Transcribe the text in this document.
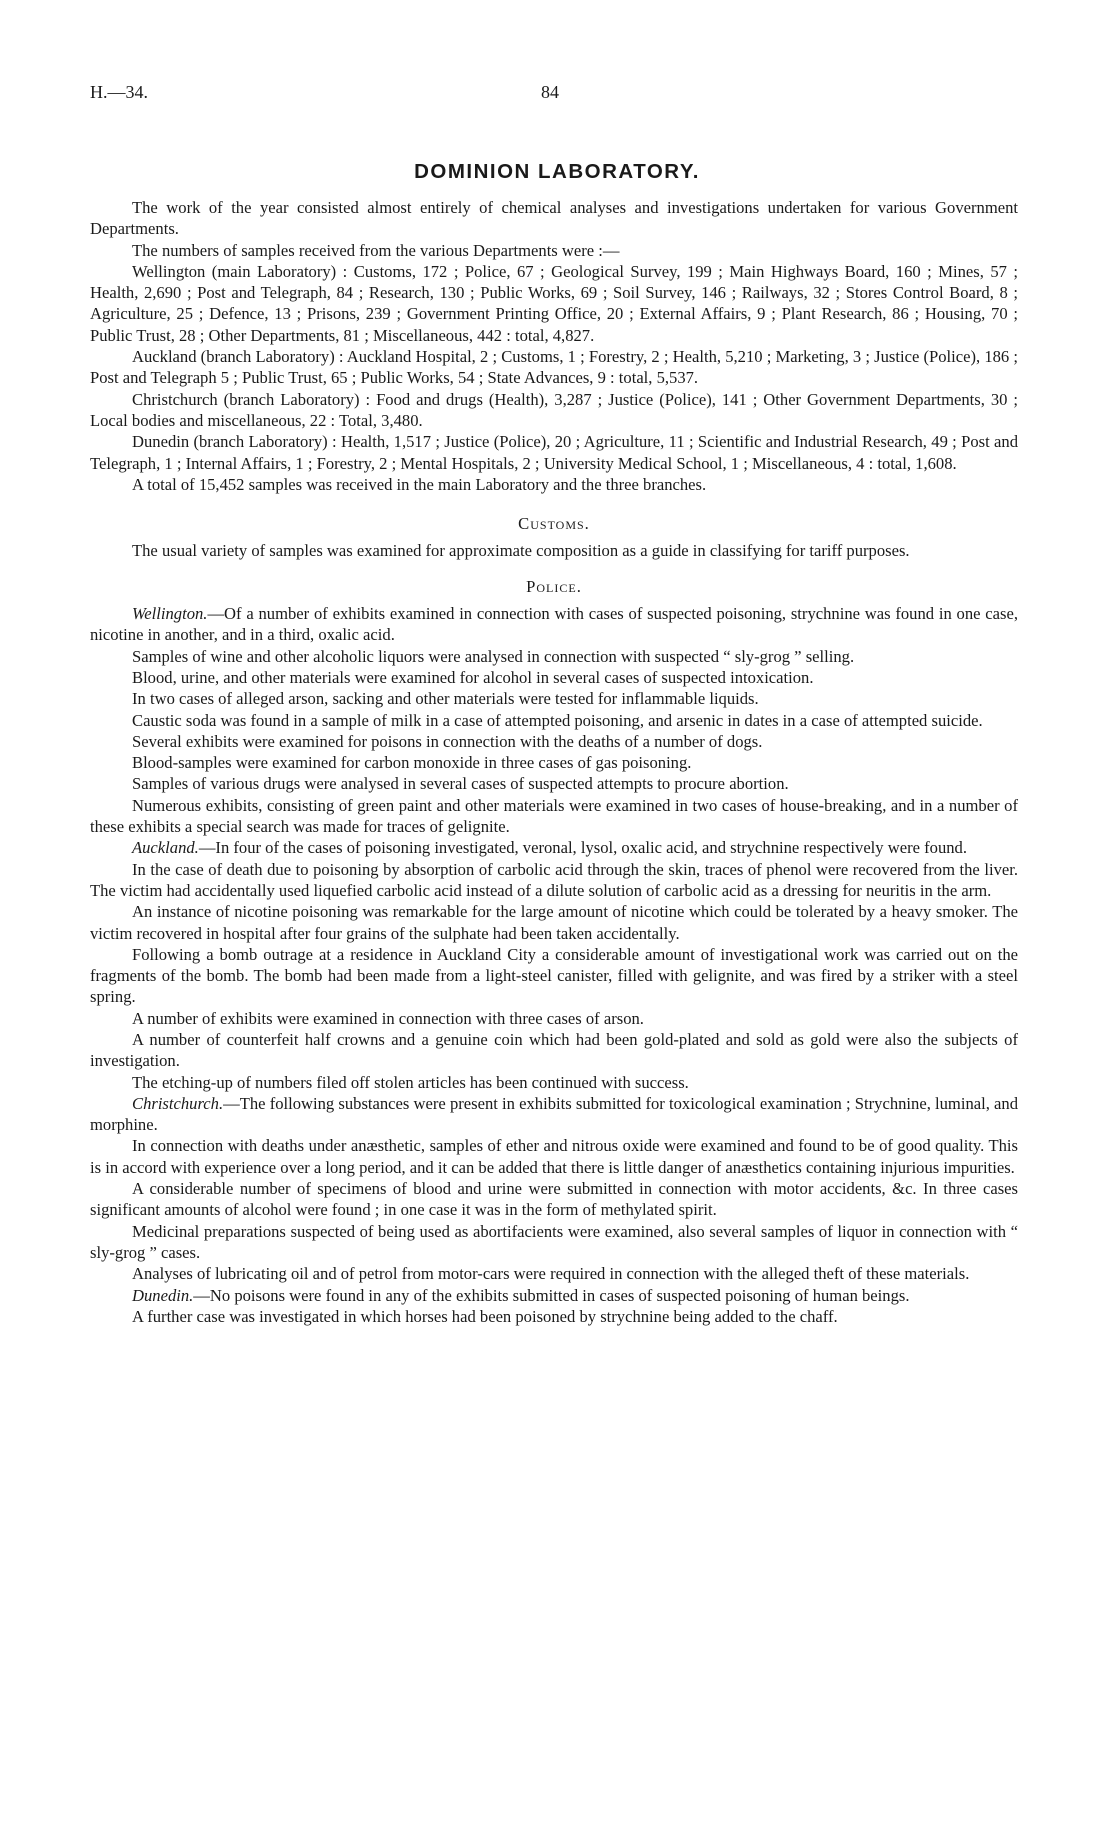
H.—34.	84
DOMINION LABORATORY.

The work of the year consisted almost entirely of chemical analyses and investigations undertaken for various Government Departments.

The numbers of samples received from the various Departments were :—

Wellington (main Laboratory) : Customs, 172 ; Police, 67 ; Geological Survey, 199 ; Main Highways Board, 160 ; Mines, 57 ; Health, 2,690 ; Post and Telegraph, 84 ; Research, 130 ; Public Works, 69 ; Soil Survey, 146 ; Railways, 32 ; Stores Control Board, 8 ; Agriculture, 25 ; Defence, 13 ; Prisons, 239 ; Government Printing Office, 20 ; External Affairs, 9 ; Plant Research, 86 ; Housing, 70 ; Public Trust, 28 ; Other Departments, 81 ; Miscellaneous, 442 : total, 4,827.

Auckland (branch Laboratory) : Auckland Hospital, 2 ; Customs, 1 ; Forestry, 2 ; Health, 5,210 ; Marketing, 3 ; Justice (Police), 186 ; Post and Telegraph 5 ; Public Trust, 65 ; Public Works, 54 ; State Advances, 9 : total, 5,537.

Christchurch (branch Laboratory) : Food and drugs (Health), 3,287 ; Justice (Police), 141 ; Other Government Departments, 30 ; Local bodies and miscellaneous, 22 : Total, 3,480.

Dunedin (branch Laboratory) : Health, 1,517 ; Justice (Police), 20 ; Agriculture, 11 ; Scientific and Industrial Research, 49 ; Post and Telegraph, 1 ; Internal Affairs, 1 ; Forestry, 2 ; Mental Hospitals, 2 ; University Medical School, 1 ; Miscellaneous, 4 : total, 1,608.

A total of 15,452 samples was received in the main Laboratory and the three branches.

Customs.

The usual variety of samples was examined for approximate composition as a guide in classifying for tariff purposes.

Police.

Wellington.—Of a number of exhibits examined in connection with cases of suspected poisoning, strychnine was found in one case, nicotine in another, and in a third, oxalic acid.

Samples of wine and other alcoholic liquors were analysed in connection with suspected “ sly-grog ” selling.

Blood, urine, and other materials were examined for alcohol in several cases of suspected intoxication.

In two cases of alleged arson, sacking and other materials were tested for inflammable liquids.

Caustic soda was found in a sample of milk in a case of attempted poisoning, and arsenic in dates in a case of attempted suicide.

Several exhibits were examined for poisons in connection with the deaths of a number of dogs.

Blood-samples were examined for carbon monoxide in three cases of gas poisoning.

Samples of various drugs were analysed in several cases of suspected attempts to procure abortion.

Numerous exhibits, consisting of green paint and other materials were examined in two cases of house-breaking, and in a number of these exhibits a special search was made for traces of gelignite.

Auckland.—In four of the cases of poisoning investigated, veronal, lysol, oxalic acid, and strychnine respectively were found.

In the case of death due to poisoning by absorption of carbolic acid through the skin, traces of phenol were recovered from the liver. The victim had accidentally used liquefied carbolic acid instead of a dilute solution of carbolic acid as a dressing for neuritis in the arm.

An instance of nicotine poisoning was remarkable for the large amount of nicotine which could be tolerated by a heavy smoker. The victim recovered in hospital after four grains of the sulphate had been taken accidentally.

Following a bomb outrage at a residence in Auckland City a considerable amount of investigational work was carried out on the fragments of the bomb. The bomb had been made from a light-steel canister, filled with gelignite, and was fired by a striker with a steel spring.

A number of exhibits were examined in connection with three cases of arson.

A number of counterfeit half crowns and a genuine coin which had been gold-plated and sold as gold were also the subjects of investigation.

The etching-up of numbers filed off stolen articles has been continued with success.

Christchurch.—The following substances were present in exhibits submitted for toxicological examination ; Strychnine, luminal, and morphine.

In connection with deaths under anæsthetic, samples of ether and nitrous oxide were examined and found to be of good quality. This is in accord with experience over a long period, and it can be added that there is little danger of anæsthetics containing injurious impurities.

A considerable number of specimens of blood and urine were submitted in connection with motor accidents, &c. In three cases significant amounts of alcohol were found ; in one case it was in the form of methylated spirit.

Medicinal preparations suspected of being used as abortifacients were examined, also several samples of liquor in connection with “ sly-grog ” cases.

Analyses of lubricating oil and of petrol from motor-cars were required in connection with the alleged theft of these materials.

Dunedin.—No poisons were found in any of the exhibits submitted in cases of suspected poisoning of human beings.

A further case was investigated in which horses had been poisoned by strychnine being added to the chaff.
